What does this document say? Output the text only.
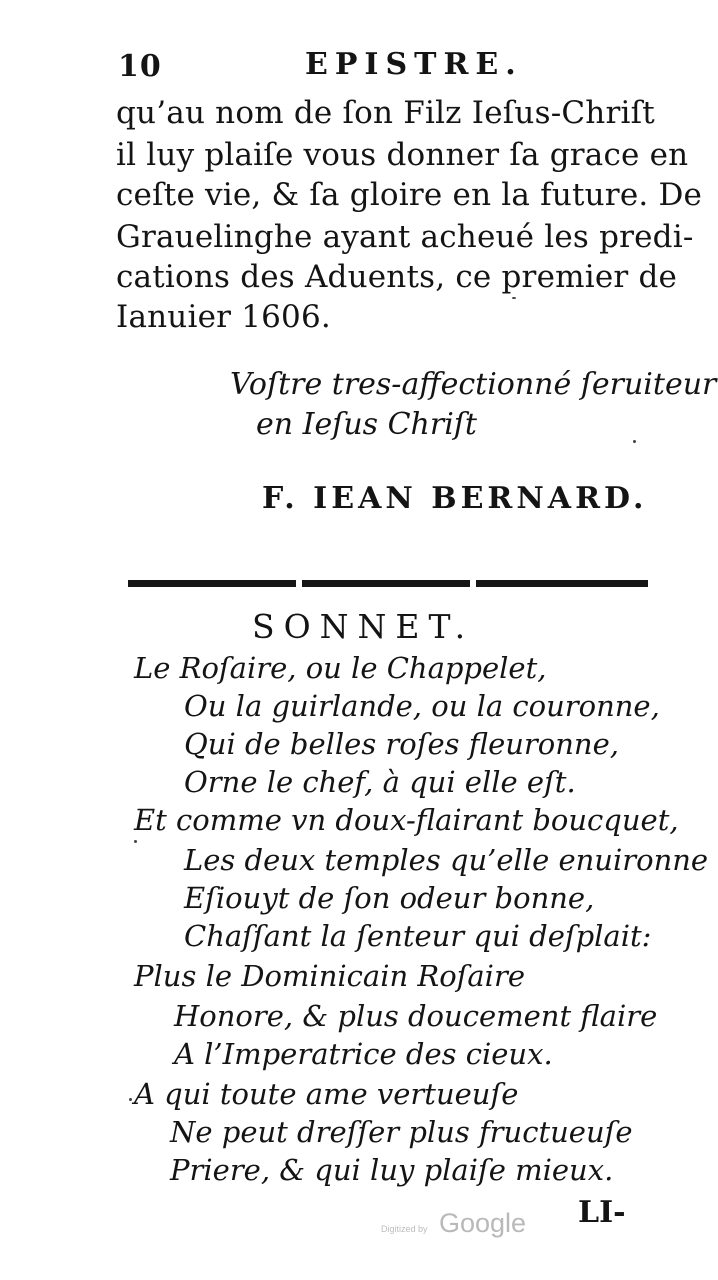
10	EPISTRE.
qu’au nom de ſon Filz Ieſus-Chriſt
il luy plaiſe vous donner ſa grace en
ceſte vie, & ſa gloire en la future. De
Grauelinghe ayant acheué les predi-
cations des Aduents, ce premier de
Ianuier 1606.
Voſtre tres-affectionné ſeruiteur
en Ieſus Chriſt
F. IEAN BERNARD.
SONNET.
Le Roſaire, ou le Chappelet,
Ou la guirlande, ou la couronne,
Qui de belles roſes fleuronne,
Orne le chef, à qui elle eſt.
Et comme vn doux-flairant boucquet,
Les deux temples qu’elle enuironne
Eſiouyt de ſon odeur bonne,
Chaſſant la ſenteur qui deſplait:
Plus le Dominicain Roſaire
Honore, & plus doucement flaire
A l’Imperatrice des cieux.
A qui toute ame vertueuſe
Ne peut dreſſer plus fructueuſe
Priere, & qui luy plaiſe mieux.
LI-
Digitized by Google
